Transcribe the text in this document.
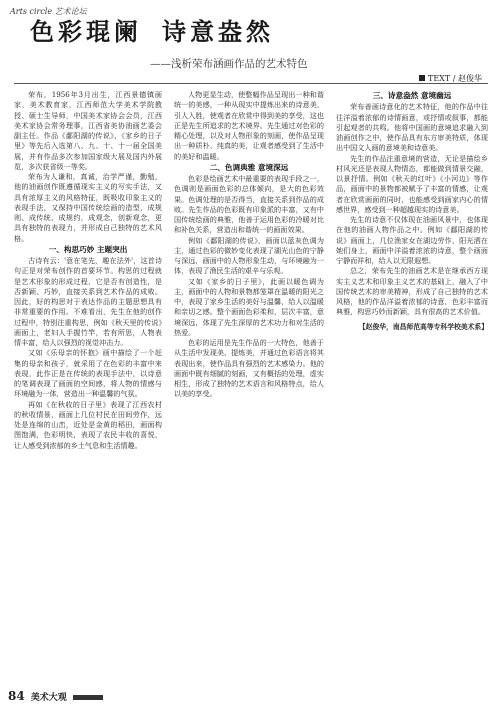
Arts circle 艺术论坛
色彩琨阑 诗意盎然
——浅析荣布涵画作品的艺术特色
TEXT / 赵俊华

荣布，1956年3月出生，江西景德镇画家，美术教育家，江西师范大学美术学院教授、硕士生导师，中国美术家协会会员，江西美术家协会常务理事，江西省美协油画艺委会副主任。作品《鄱阳湖的传说》、《家乡的日子里》等先后入选第八、九、十、十一届全国美展，并有作品多次参加国家级大展及国内外展览，多次获省级一等奖。

荣布为人谦和，真诚，治学严谨，勤勉，他的油画创作既遵循现实主义的写实手法，又具有浓厚主义的风格特征，既吸收印象主义的表现手法，又保持中国传统绘画的造型，成规则、成传统、成规约，成观念，创新观念，更具有独特的表现力，并形成自己独特的艺术风格。

一、构思巧妙 主题突出

古诗有云：'意在笔先，趣在法外'，这首诗句正是对荣布创作的首要环节。构思的过程就是艺术形象的形成过程，它是否有创造性，是否新颖、巧妙，直接关系到艺术作品的成败。因此，好的构思对于表达作品的主题思想具有非常重要的作用。不难看出，先生在他的创作过程中，特别注重构思，例如《秋天里的传说》画面上，老妇人手握竹竿，若有所思，人物表情丰富，给人以强烈的视觉冲击力。

又如《乐母亲的怀抱》画中描绘了一个赶集的母亲和孩子，就采用了在色彩的丰富中来表现，此作正是在传统的表现手法中，以诗意的笔调表现了画面的空间感，将人物的情感与环境融为一体，营造出一种温馨的气氛。

再如《在秋收的日子里》表现了江西农村的秋收情景，画面上几位村民在田间劳作，远处是连绵的山峦，近处是金黄的稻田，画面构图饱满，色彩明快，表现了农民丰收的喜悦，让人感受到浓郁的乡土气息和生活情趣。

人物更显生动，使整幅作品呈现出一种和谐统一的美感，一种从现实中提炼出来的诗意美，引人入胜，使观者在欣赏中得到美的享受，这也正是先生所追求的艺术境界。先生通过对色彩的精心处理，以及对人物形象的刻画，使作品呈现出一种质朴、纯真的美，让观者感受到了生活中的美好和温暖。

二、色调典雅 意境深远

色彩是绘画艺术中最重要的表现手段之一，色调则是画面色彩的总体倾向，是大的色彩效果。色调处理的是否得当，直接关系到作品的成败。先生作品的色彩既有印象派的丰富，又有中国传统绘画的典雅，他善于运用色彩的冷暖对比和补色关系，营造出和谐统一的画面效果。

例如《鄱阳湖的传说》，画面以蓝灰色调为主，通过色彩的微妙变化表现了湖光山色的宁静与深远，画面中的人物形象生动，与环境融为一体，表现了渔民生活的艰辛与乐观。

又如《家乡的日子里》，此画以暖色调为主，画面中的人物和景物都笼罩在温暖的阳光之中，表现了家乡生活的美好与温馨，给人以温暖和亲切之感。整个画面色彩柔和，层次丰富，意境深远，体现了先生深厚的艺术功力和对生活的热爱。

色彩的运用是先生作品的一大特色，他善于从生活中发现美、提炼美，并通过色彩语言将其表现出来，使作品具有强烈的艺术感染力。他的画面中既有细腻的刻画，又有概括的处理，虚实相生，形成了独特的艺术语言和风格特点，给人以美的享受。

三、诗意盎然 意境幽远

荣布善画诗意化的艺术特征，他的作品中往往洋溢着浓郁的诗情画意，或抒情或叙事，都能引起观者的共鸣。他将中国画的意境追求融入到油画创作之中，使作品具有东方审美特质，体现出中国文人画的意境美和诗意美。

先生的作品注重意境的营造，无论是描绘乡村风光还是表现人物情态，都能做到情景交融，以景抒情。例如《秋天的红叶》《小河边》等作品，画面中的景物都被赋予了丰富的情感，让观者在欣赏画面的同时，也能感受到画家内心的情感世界，感受到一种超越现实的诗意美。

先生的诗意不仅体现在油画风景中，也体现在他的油画人物作品之中。例如《鄱阳湖的传说》画面上，几位渔家女在湖边劳作，阳光洒在她们身上，画面中洋溢着浓浓的诗意，整个画面宁静而祥和，给人以无限遐想。

总之，荣布先生的油画艺术是在继承西方现实主义艺术和印象主义艺术的基础上，融入了中国传统艺术的审美精神，形成了自己独特的艺术风格，他的作品洋溢着浓郁的诗意，色彩丰富而典雅，构思巧妙而新颖，具有很高的艺术价值。

【赵俊华，南昌师范高等专科学校美术系】

84 美术大观
